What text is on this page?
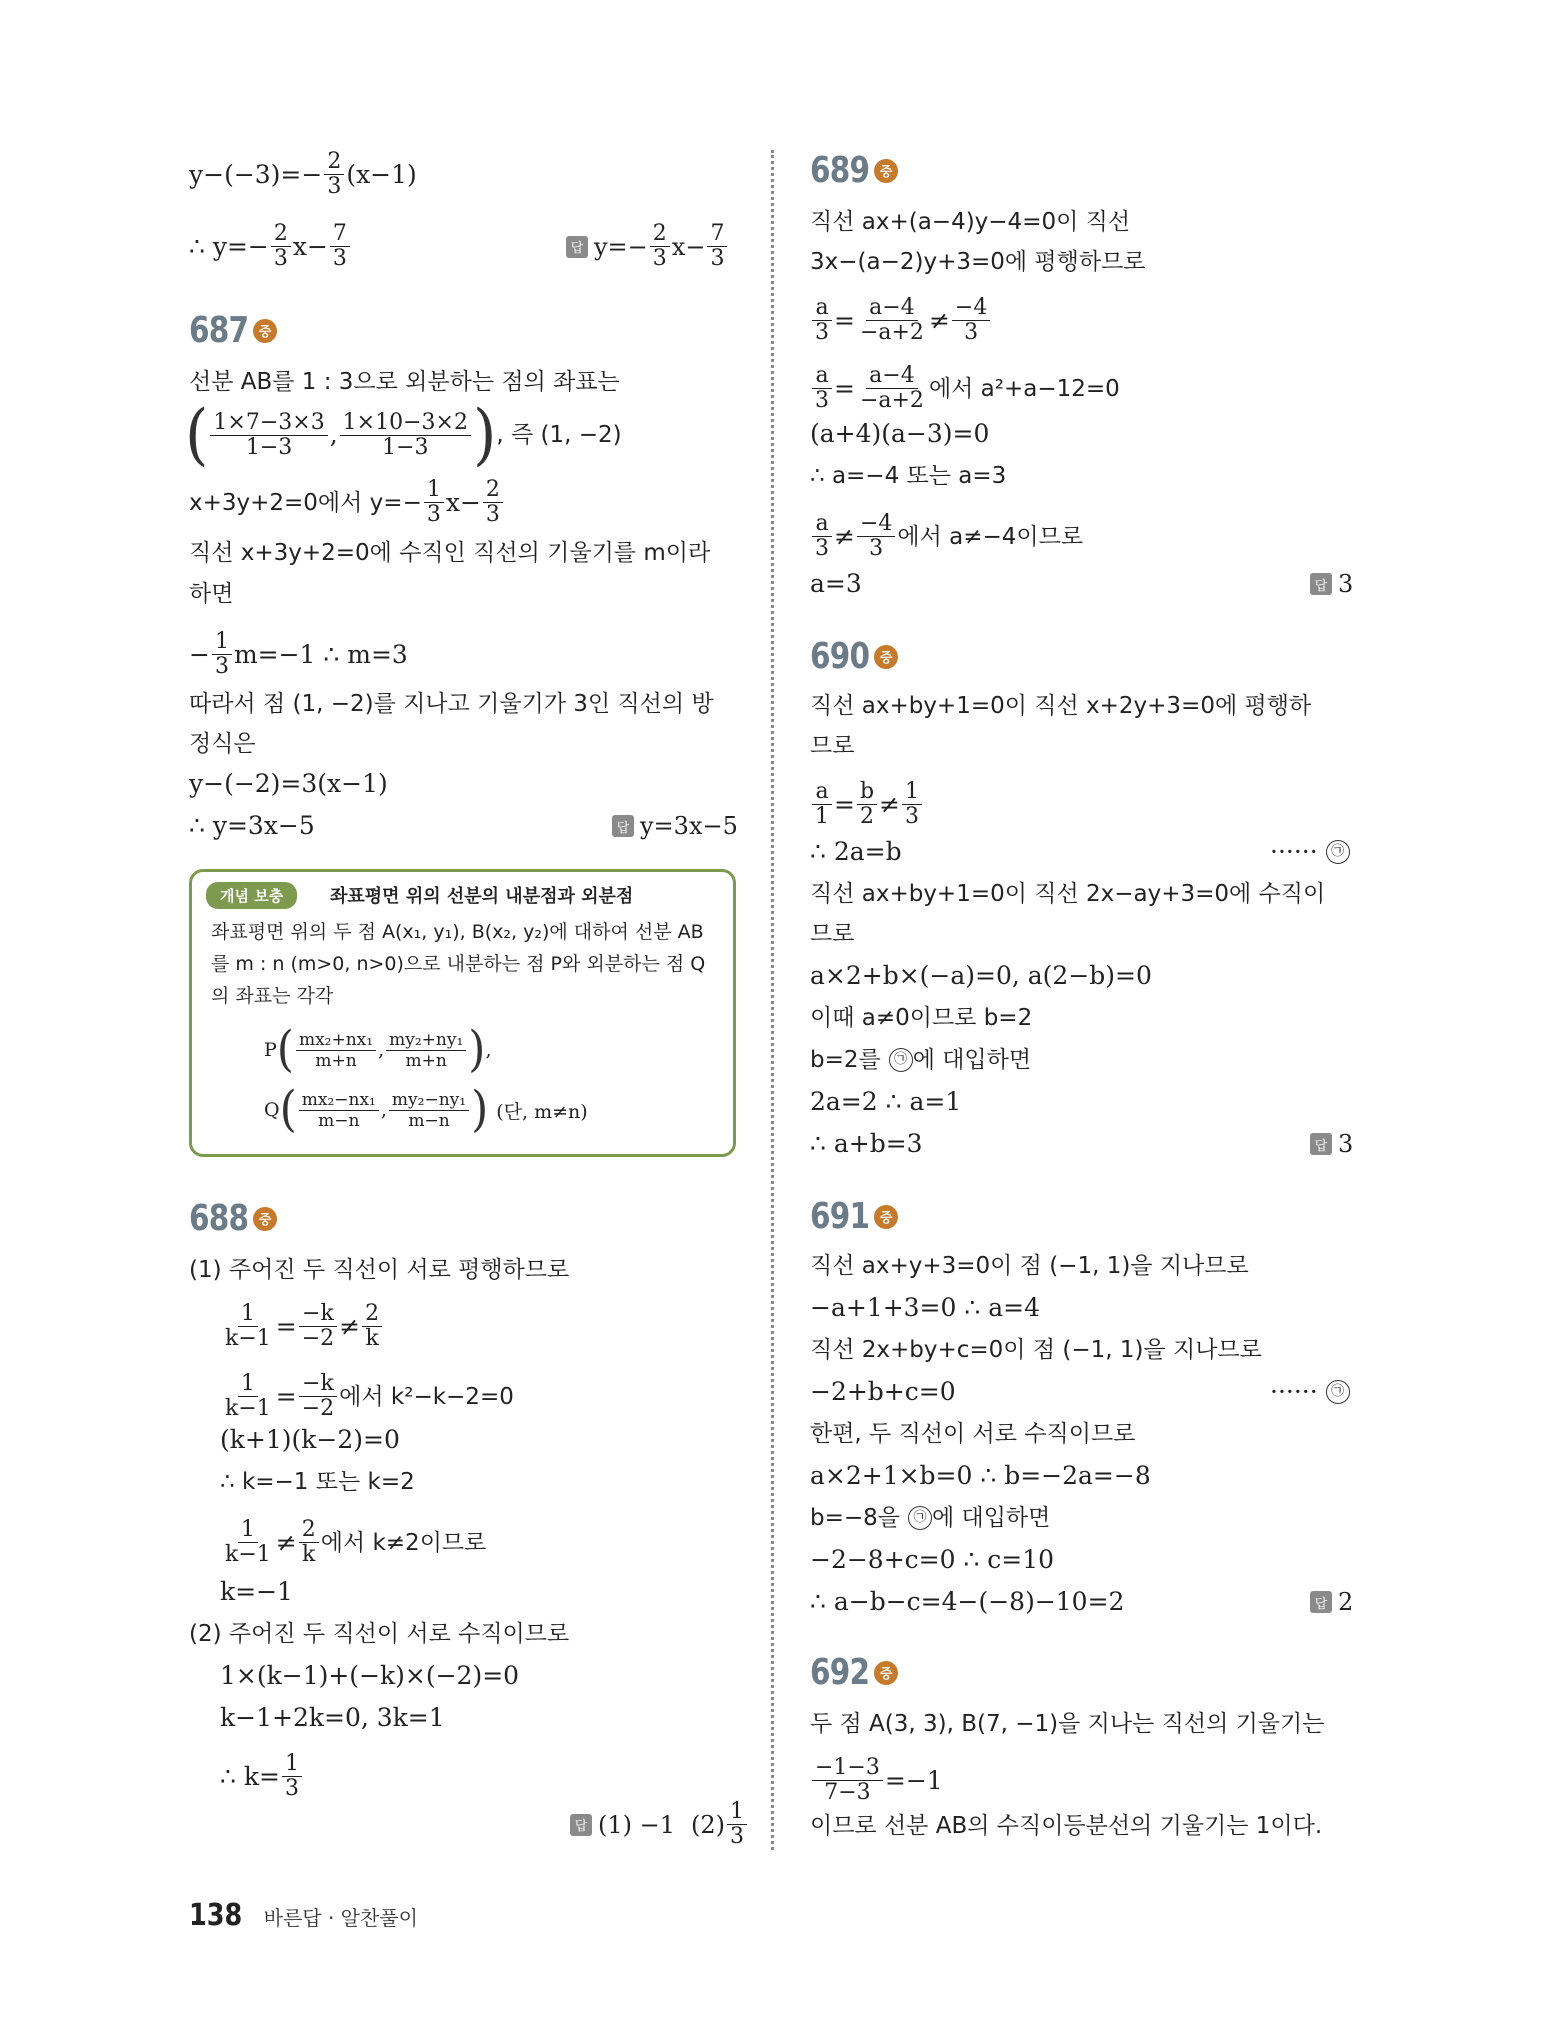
$y-(-3)=- \frac{2}{3} (x-1)$
∴ $y=- \frac{2}{3} x- \frac{7}{3}$	답 $y=- \frac{2}{3} x- \frac{7}{3}$
687 중
선분 AB를 1 : 3으로 외분하는 점의 좌표는
( $\frac{1\times 7-3\times 3}{1-3}$ , $\frac{1\times 10-3\times 2}{1-3}$ ) , 즉 (1, −2)
x+3y+2=0에서 $y=- \frac{1}{3} x- \frac{2}{3}$
직선 x+3y+2=0에 수직인 직선의 기울기를 m이라
하면
− $\frac{1}{3} m=-1$ ∴ m=3
따라서 점 (1, −2)를 지나고 기울기가 3인 직선의 방
정식은
y−(−2)=3(x−1)
∴ y=3x−5	답 y=3x−5
개념 보충	좌표평면 위의 선분의 내분점과 외분점
좌표평면 위의 두 점 A(x₁, y₁), B(x₂, y₂)에 대하여 선분 AB
를 m : n (m>0, n>0)으로 내분하는 점 P와 외분하는 점 Q
의 좌표는 각각
P ( $\frac{\text{mx₂+nx₁}}{m+n}$ , $\frac{\text{my₂+ny₁}}{m+n}$ ) ,
Q ( $\frac{\text{mx₂−nx₁}}{m-n}$ , $\frac{\text{my₂−ny₁}}{m-n}$ ) (단, m≠n)
688 중
(1) 주어진 두 직선이 서로 평행하므로
$\frac{1}{k-1} = \frac{-k}{-2} \ne \frac{2}{k}$
$\frac{1}{k-1} = \frac{-k}{-2}$ 에서 k²−k−2=0
(k+1)(k−2)=0
∴ k=−1 또는 k=2
$\frac{1}{k-1} \ne \frac{2}{k}$ 에서 k≠2이므로
k=−1
(2) 주어진 두 직선이 서로 수직이므로
1×(k−1)+(−k)×(−2)=0
k−1+2k=0, 3k=1
∴ $k= \frac{1}{3}$
답 (1) −1 $(2) \frac{1}{3}$
689 중
직선 ax+(a−4)y−4=0이 직선
3x−(a−2)y+3=0에 평행하므로
$\frac{a}{3} = \frac{a-4}{-a+2} \ne \frac{-4}{3}$
$\frac{a}{3} = \frac{a-4}{-a+2}$ 에서 a²+a−12=0
(a+4)(a−3)=0
∴ a=−4 또는 a=3
$\frac{a}{3} \ne \frac{-4}{3}$ 에서 a≠−4이므로
a=3	답 3
690 중
직선 ax+by+1=0이 직선 x+2y+3=0에 평행하
므로
$\frac{a}{1} = \frac{b}{2} \ne \frac{1}{3}$
∴ 2a=b	······
	㉠
직선 ax+by+1=0이 직선 2x−ay+3=0에 수직이
므로
a×2+b×(−a)=0, a(2−b)=0
이때 a≠0이므로 b=2
b=2를
	㉠ 에 대입하면
2a=2 ∴ a=1
∴ a+b=3	답 3
691 중
직선 ax+y+3=0이 점 (−1, 1)을 지나므로
−a+1+3=0 ∴ a=4
직선 2x+by+c=0이 점 (−1, 1)을 지나므로
−2+b+c=0	······
	㉠
한편, 두 직선이 서로 수직이므로
a×2+1×b=0 ∴ b=−2a=−8
b=−8을
	㉠ 에 대입하면
−2−8+c=0 ∴ c=10
∴ a−b−c=4−(−8)−10=2	답 2
692 중
두 점 A(3, 3), B(7, −1)을 지나는 직선의 기울기는
$\frac{-1-3}{7-3} =-1$
이므로 선분 AB의 수직이등분선의 기울기는 1이다.
138 바른답 · 알찬풀이
